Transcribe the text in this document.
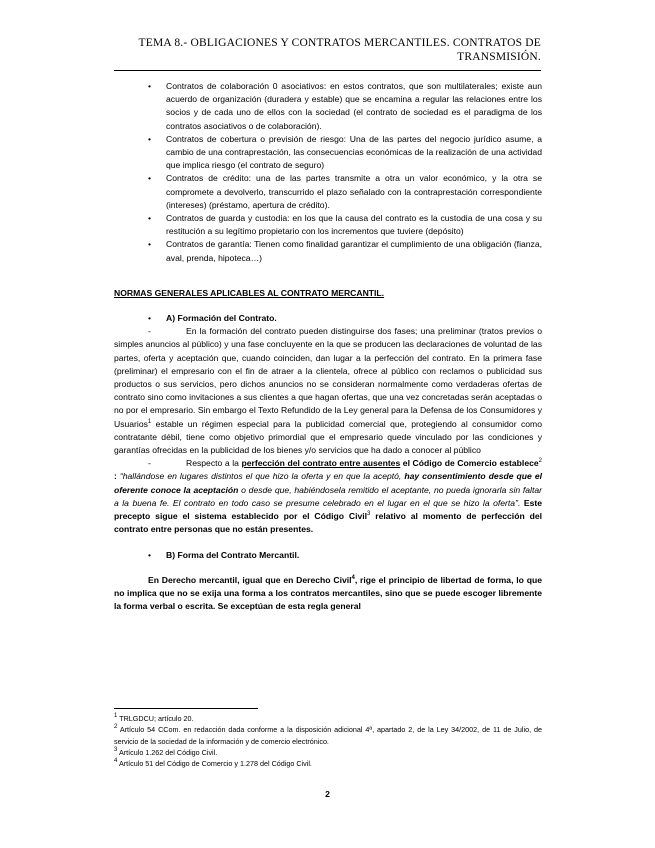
TEMA 8.- OBLIGACIONES Y CONTRATOS MERCANTILES. CONTRATOS DE
TRANSMISIÓN.
• Contratos de colaboración 0 asociativos: en estos contratos, que son multilaterales; existe aun acuerdo de organización (duradera y estable) que se encamina a regular las relaciones entre los socios y de cada uno de ellos con la sociedad (el contrato de sociedad es el paradigma de los contratos asociativos o de colaboración).
• Contratos de cobertura o previsión de riesgo: Una de las partes del negocio jurídico asume, a cambio de una contraprestación, las consecuencias económicas de la realización de una actividad que implica riesgo (el contrato de seguro)
• Contratos de crédito: una de las partes transmite a otra un valor económico, y la otra se compromete a devolverlo, transcurrido el plazo señalado con la contraprestación correspondiente (intereses) (préstamo, apertura de crédito).
• Contratos de guarda y custodia: en los que la causa del contrato es la custodia de una cosa y su restitución a su legítimo propietario con los incrementos que tuviere (depósito)
• Contratos de garantía: Tienen como finalidad garantizar el cumplimiento de una obligación (fianza, aval, prenda, hipoteca…)
NORMAS GENERALES APLICABLES AL CONTRATO MERCANTIL.
• A) Formación del Contrato.

-	En la formación del contrato pueden distinguirse dos fases; una preliminar (tratos previos o simples anuncios al público) y una fase concluyente en la que se producen las declaraciones de voluntad de las partes, oferta y aceptación que, cuando coinciden, dan lugar a la perfección del contrato. En la primera fase (preliminar) el empresario con el fin de atraer a la clientela, ofrece al público con reclamos o publicidad sus productos o sus servicios, pero dichos anuncios no se consideran normalmente como verdaderas ofertas de contrato sino como invitaciones a sus clientes a que hagan ofertas, que una vez concretadas serán aceptadas o no por el empresario. Sin embargo el Texto Refundido de la Ley general para la Defensa de los Consumidores y Usuarios$^1$ estable un régimen especial para la publicidad comercial que, protegiendo al consumidor como contratante débil, tiene como objetivo primordial que el empresario quede vinculado por las condiciones y garantías ofrecidas en la publicidad de los bienes y/o servicios que ha dado a conocer al público

-	Respecto a la perfección del contrato entre ausentes el Código de Comercio establece$^2$ : “hallándose en lugares distintos el que hizo la oferta y en que la aceptó, hay consentimiento desde que el oferente conoce la aceptación o desde que, habiéndosela remitido el aceptante, no pueda ignorarla sin faltar a la buena fe. El contrato en todo caso se presume celebrado en el lugar en el que se hizo la oferta”. Este precepto sigue el sistema establecido por el Código Civil$^3$ relativo al momento de perfección del contrato entre personas que no están presentes.

• B) Forma del Contrato Mercantil.

En Derecho mercantil, igual que en Derecho Civil$^4$, rige el principio de libertad de forma, lo que no implica que no se exija una forma a los contratos mercantiles, sino que se puede escoger libremente la forma verbal o escrita. Se exceptúan de esta regla general

$^1$ TRLGDCU; artículo 20.

$^2$ Artículo 54 CCom. en redacción dada conforme a la disposición adicional 4ª, apartado 2, de la Ley 34/2002, de 11 de Julio, de servicio de la sociedad de la información y de comercio electrónico.

$^3$ Artículo 1.262 del Código Civil.

$^4$ Artículo 51 del Código de Comercio y 1.278 del Código Civil.

2
